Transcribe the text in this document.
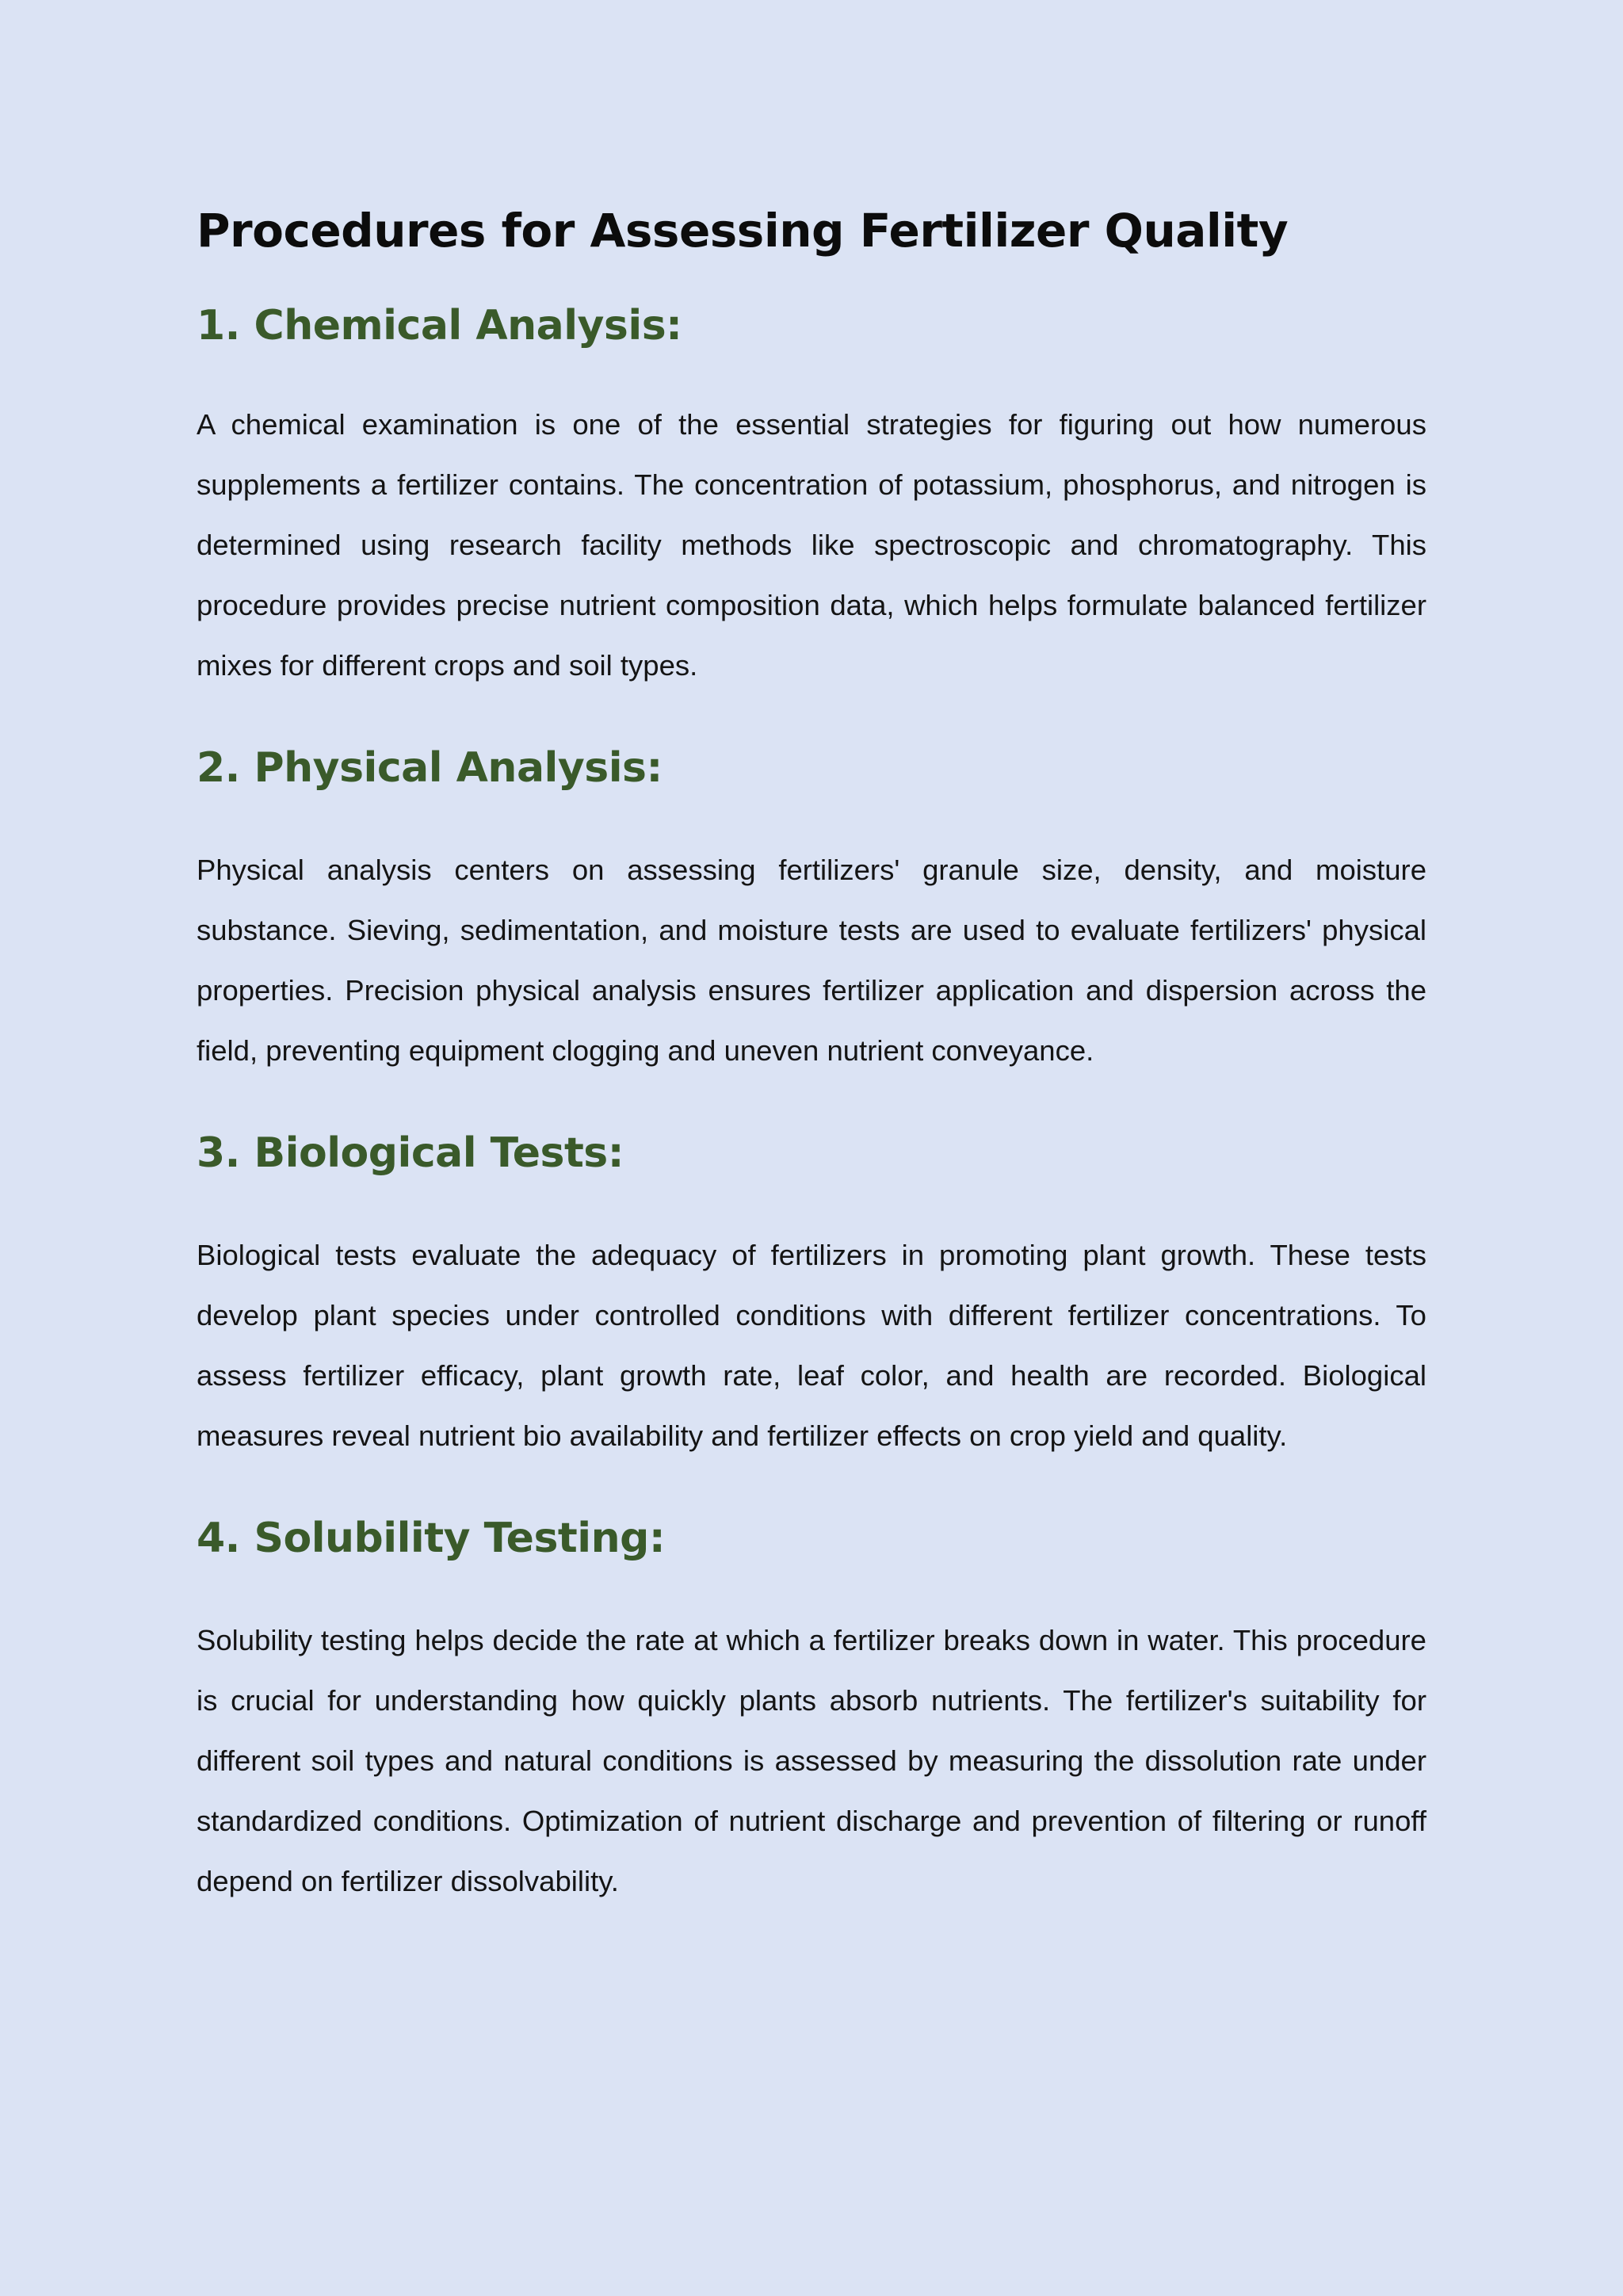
Procedures for Assessing Fertilizer Quality
1. Chemical Analysis:

A chemical examination is one of the essential strategies for figuring out how numerous supplements a fertilizer contains. The concentration of potassium, phosphorus, and nitrogen is determined using research facility methods like spectroscopic and chromatography. This procedure provides precise nutrient composition data, which helps formulate balanced fertilizer mixes for different crops and soil types.

2. Physical Analysis:

Physical analysis centers on assessing fertilizers' granule size, density, and moisture substance. Sieving, sedimentation, and moisture tests are used to evaluate fertilizers' physical properties. Precision physical analysis ensures fertilizer application and dispersion across the field, preventing equipment clogging and uneven nutrient conveyance.

3. Biological Tests:

Biological tests evaluate the adequacy of fertilizers in promoting plant growth. These tests develop plant species under controlled conditions with different fertilizer concentrations. To assess fertilizer efficacy, plant growth rate, leaf color, and health are recorded. Biological measures reveal nutrient bio availability and fertilizer effects on crop yield and quality.

4. Solubility Testing:

Solubility testing helps decide the rate at which a fertilizer breaks down in water. This procedure is crucial for understanding how quickly plants absorb nutrients. The fertilizer's suitability for different soil types and natural conditions is assessed by measuring the dissolution rate under standardized conditions. Optimization of nutrient discharge and prevention of filtering or runoff depend on fertilizer dissolvability.
